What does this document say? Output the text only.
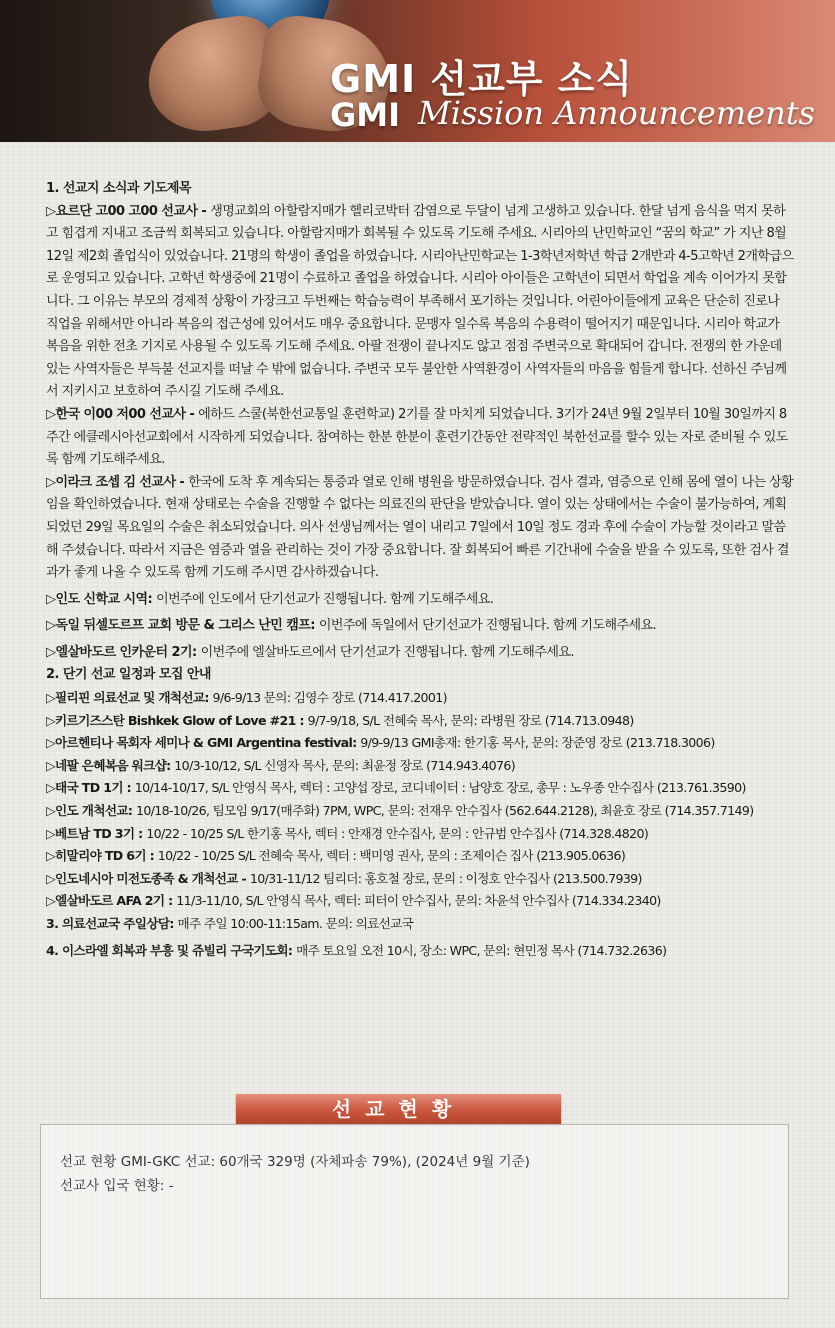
GMI 선교부 소식
GMI Mission Announcements

1. 선교지 소식과 기도제목

▷요르단 고00 고00 선교사 - 생명교회의 아할람지매가 헬리코박터 감염으로 두달이 넘게 고생하고 있습니다. 한달 넘게 음식을 먹지 못하고 힘겹게 지내고 조금씩 회복되고 있습니다. 아할람지매가 회복될 수 있도록 기도해 주세요. 시리아의 난민학교인 “꿈의 학교” 가 지난 8월12일 제2회 졸업식이 있었습니다. 21명의 학생이 졸업을 하였습니다. 시리아난민학교는 1-3학년저학년 학급 2개반과 4-5고학년 2개학급으로 운영되고 있습니다. 고학년 학생중에 21명이 수료하고 졸업을 하였습니다. 시리아 아이들은 고학년이 되면서 학업을 계속 이어가지 못합니다. 그 이유는 부모의 경제적 상황이 가장크고 두번째는 학습능력이 부족해서 포기하는 것입니다. 어린아이들에게 교육은 단순히 진로나 직업을 위해서만 아니라 복음의 접근성에 있어서도 매우 중요합니다. 문맹자 일수록 복음의 수용력이 떨어지기 때문입니다. 시리아 학교가 복음을 위한 전초 기지로 사용될 수 있도록 기도해 주세요. 아팔 전쟁이 끝나지도 않고 점점 주변국으로 확대되어 갑니다. 전쟁의 한 가운데 있는 사역자들은 부득불 선교지를 떠날 수 밖에 없습니다. 주변국 모두 불안한 사역환경이 사역자들의 마음을 힘들게 합니다. 선하신 주님께서 지키시고 보호하여 주시길 기도해 주세요.

▷한국 이00 저00 선교사 - 에하드 스쿨(북한선교통일 훈련학교) 2기를 잘 마치게 되었습니다. 3기가 24년 9월 2일부터 10월 30일까지 8주간 에클레시아선교회에서 시작하게 되었습니다. 참여하는 한분 한분이 훈련기간동안 전략적인 북한선교를 할수 있는 자로 준비될 수 있도록 함께 기도해주세요.

▷이라크 조셉 김 선교사 - 한국에 도착 후 계속되는 통증과 열로 인해 병원을 방문하였습니다. 검사 결과, 염증으로 인해 몸에 열이 나는 상황임을 확인하였습니다. 현재 상태로는 수술을 진행할 수 없다는 의료진의 판단을 받았습니다. 열이 있는 상태에서는 수술이 불가능하여, 계획되었던 29일 목요일의 수술은 취소되었습니다. 의사 선생님께서는 열이 내리고 7일에서 10일 정도 경과 후에 수술이 가능할 것이라고 말씀해 주셨습니다. 따라서 지금은 염증과 열을 관리하는 것이 가장 중요합니다. 잘 회복되어 빠른 기간내에 수술을 받을 수 있도록, 또한 검사 결과가 좋게 나올 수 있도록 함께 기도해 주시면 감사하겠습니다.

▷인도 신학교 시역: 이번주에 인도에서 단기선교가 진행됩니다. 함께 기도해주세요.

▷독일 뒤셀도르프 교회 방문 & 그리스 난민 캠프: 이번주에 독일에서 단기선교가 진행됩니다. 함께 기도해주세요.

▷엘살바도르 인카운터 2기: 이번주에 엘살바도르에서 단기선교가 진행됩니다. 함께 기도해주세요.

2. 단기 선교 일정과 모집 안내

▷필리핀 의료선교 및 개척선교: 9/6-9/13 문의: 김영수 장로 (714.417.2001)

▷키르기즈스탄 Bishkek Glow of Love #21 : 9/7-9/18, S/L 전혜숙 목사, 문의: 라병원 장로 (714.713.0948)

▷아르헨티나 목회자 세미나 & GMI Argentina festival: 9/9-9/13 GMI총재: 한기홍 목사, 문의: 장준영 장로 (213.718.3006)

▷네팔 은혜복음 워크샵: 10/3-10/12, S/L 신영자 목사, 문의: 최윤정 장로 (714.943.4076)

▷태국 TD 1기 : 10/14-10/17, S/L 안영식 목사, 렉터 : 고양섭 장로, 코디네이터 : 남양호 장로, 총무 : 노우종 안수집사 (213.761.3590)

▷인도 개척선교: 10/18-10/26, 팀모임 9/17(매주화) 7PM, WPC, 문의: 전재우 안수집사 (562.644.2128), 최윤호 장로 (714.357.7149)

▷베트남 TD 3기 : 10/22 - 10/25 S/L 한기홍 목사, 렉터 : 안재경 안수집사, 문의 : 안규범 안수집사 (714.328.4820)

▷히말리야 TD 6기 : 10/22 - 10/25 S/L 전혜숙 목사, 렉터 : 백미영 권사, 문의 : 조제이슨 집사 (213.905.0636)

▷인도네시아 미전도종족 & 개척선교 - 10/31-11/12 팀리더: 홍호철 장로, 문의 : 이정호 안수집사 (213.500.7939)

▷엘살바도르 AFA 2기 : 11/3-11/10, S/L 안영식 목사, 렉터: 피터이 안수집사, 문의: 차윤석 안수집사 (714.334.2340)

3. 의료선교국 주일상담: 매주 주일 10:00-11:15am. 문의: 의료선교국

4. 이스라엘 회복과 부흥 및 쥬빌리 구국기도회: 매주 토요일 오전 10시, 장소: WPC, 문의: 현민정 목사 (714.732.2636)

선교현황
선교 현황 GMI-GKC 선교: 60개국 329명 (자체파송 79%), (2024년 9월 기준)
선교사 입국 현황: -
